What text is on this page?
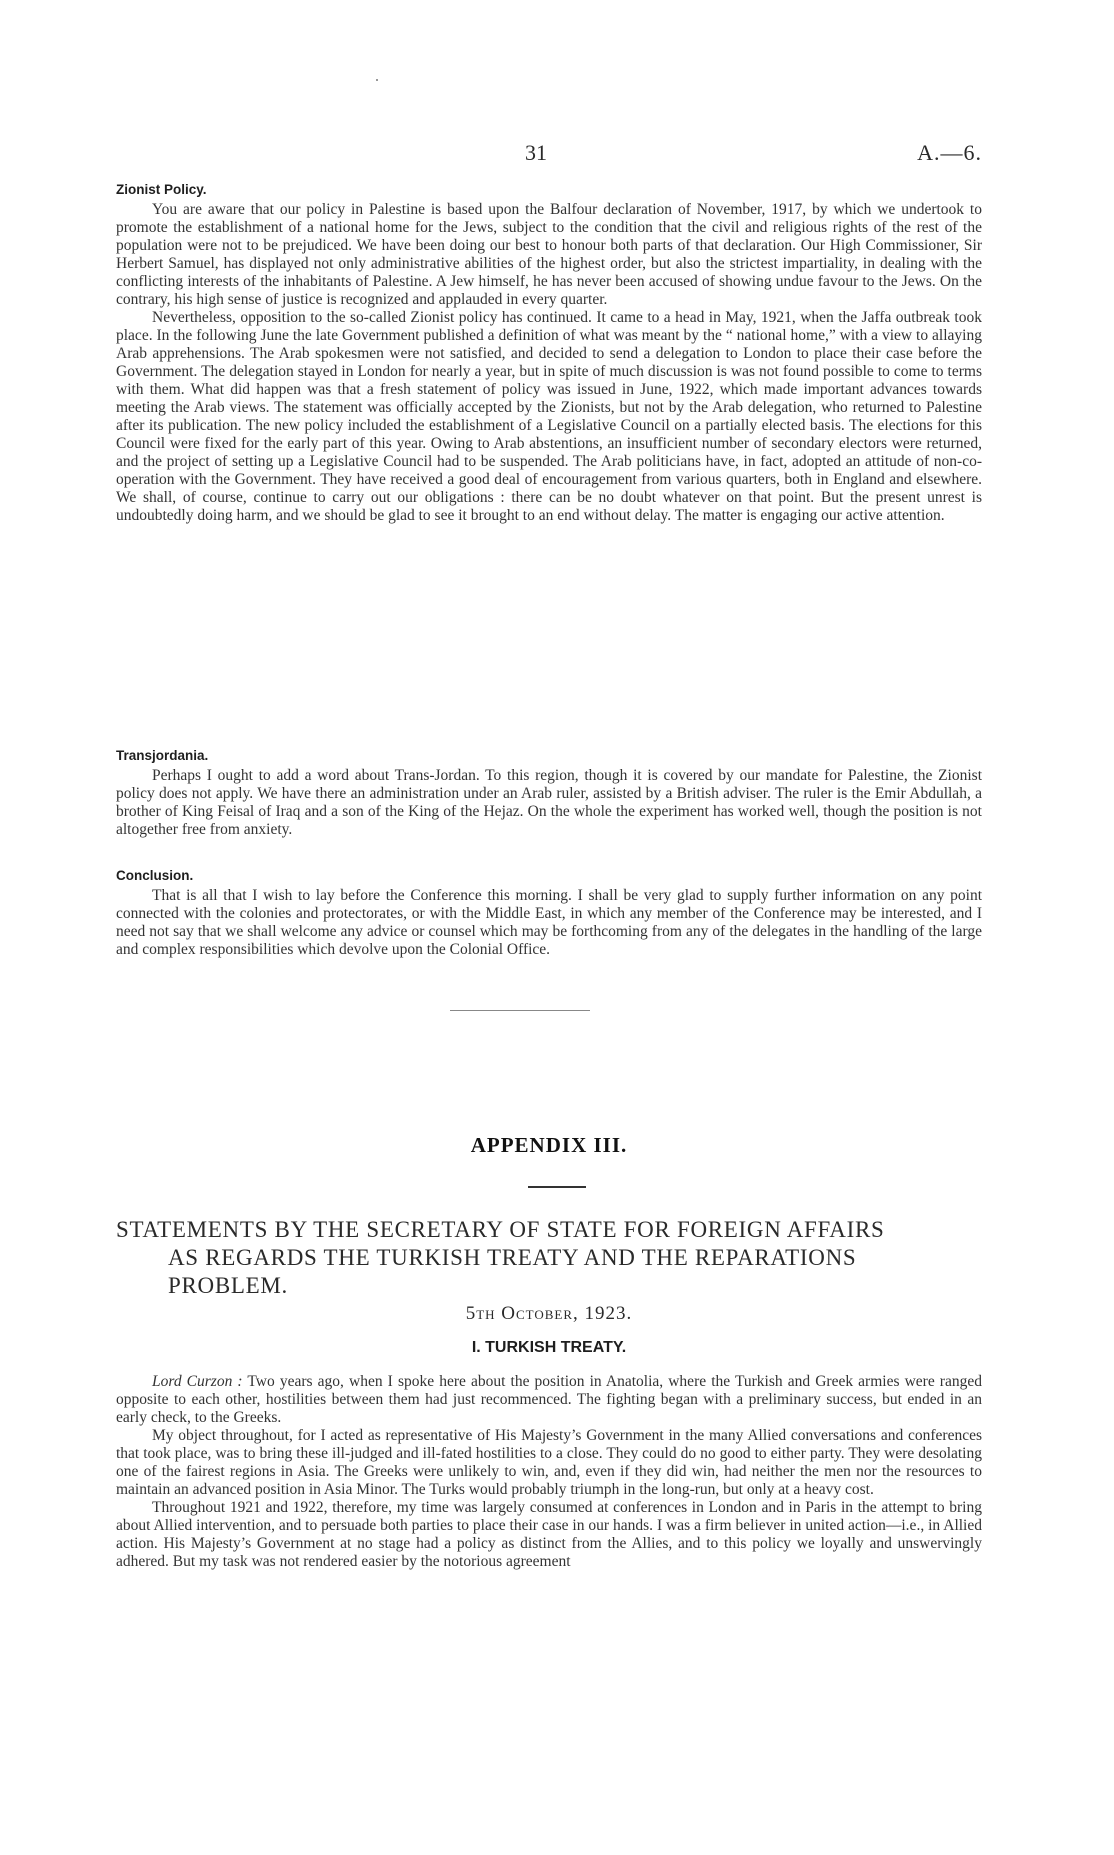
31	A.—6.
Zionist Policy.

You are aware that our policy in Palestine is based upon the Balfour declaration of November, 1917, by which we undertook to promote the establishment of a national home for the Jews, subject to the condition that the civil and religious rights of the rest of the population were not to be prejudiced. We have been doing our best to honour both parts of that declaration. Our High Commissioner, Sir Herbert Samuel, has displayed not only administrative abilities of the highest order, but also the strictest impartiality, in dealing with the conflicting interests of the inhabitants of Palestine. A Jew himself, he has never been accused of showing undue favour to the Jews. On the contrary, his high sense of justice is recognized and applauded in every quarter.

Nevertheless, opposition to the so-called Zionist policy has continued. It came to a head in May, 1921, when the Jaffa outbreak took place. In the following June the late Government published a definition of what was meant by the “ national home,” with a view to allaying Arab apprehensions. The Arab spokesmen were not satisfied, and decided to send a delegation to London to place their case before the Government. The delegation stayed in London for nearly a year, but in spite of much discussion is was not found possible to come to terms with them. What did happen was that a fresh statement of policy was issued in June, 1922, which made important advances towards meeting the Arab views. The statement was officially accepted by the Zionists, but not by the Arab delegation, who returned to Palestine after its publication. The new policy included the establishment of a Legislative Council on a partially elected basis. The elections for this Council were fixed for the early part of this year. Owing to Arab abstentions, an insufficient number of secondary electors were returned, and the project of setting up a Legislative Council had to be suspended. The Arab politicians have, in fact, adopted an attitude of non-co-operation with the Government. They have received a good deal of encouragement from various quarters, both in England and elsewhere. We shall, of course, continue to carry out our obligations : there can be no doubt whatever on that point. But the present unrest is undoubtedly doing harm, and we should be glad to see it brought to an end without delay. The matter is engaging our active attention.

Transjordania.

Perhaps I ought to add a word about Trans-Jordan. To this region, though it is covered by our mandate for Palestine, the Zionist policy does not apply. We have there an administration under an Arab ruler, assisted by a British adviser. The ruler is the Emir Abdullah, a brother of King Feisal of Iraq and a son of the King of the Hejaz. On the whole the experiment has worked well, though the position is not altogether free from anxiety.

Conclusion.

That is all that I wish to lay before the Conference this morning. I shall be very glad to supply further information on any point connected with the colonies and protectorates, or with the Middle East, in which any member of the Conference may be interested, and I need not say that we shall welcome any advice or counsel which may be forthcoming from any of the delegates in the handling of the large and complex responsibilities which devolve upon the Colonial Office.

APPENDIX III.
STATEMENTS BY THE SECRETARY OF STATE FOR FOREIGN AFFAIRS
AS REGARDS THE TURKISH TREATY AND THE REPARATIONS
PROBLEM.
5th October, 1923.
I. TURKISH TREATY.

Lord Curzon : Two years ago, when I spoke here about the position in Anatolia, where the Turkish and Greek armies were ranged opposite to each other, hostilities between them had just recommenced. The fighting began with a preliminary success, but ended in an early check, to the Greeks.

My object throughout, for I acted as representative of His Majesty’s Government in the many Allied conversations and conferences that took place, was to bring these ill-judged and ill-fated hostilities to a close. They could do no good to either party. They were desolating one of the fairest regions in Asia. The Greeks were unlikely to win, and, even if they did win, had neither the men nor the resources to maintain an advanced position in Asia Minor. The Turks would probably triumph in the long-run, but only at a heavy cost.

Throughout 1921 and 1922, therefore, my time was largely consumed at conferences in London and in Paris in the attempt to bring about Allied intervention, and to persuade both parties to place their case in our hands. I was a firm believer in united action—i.e., in Allied action. His Majesty’s Government at no stage had a policy as distinct from the Allies, and to this policy we loyally and unswervingly adhered. But my task was not rendered easier by the notorious agreement
